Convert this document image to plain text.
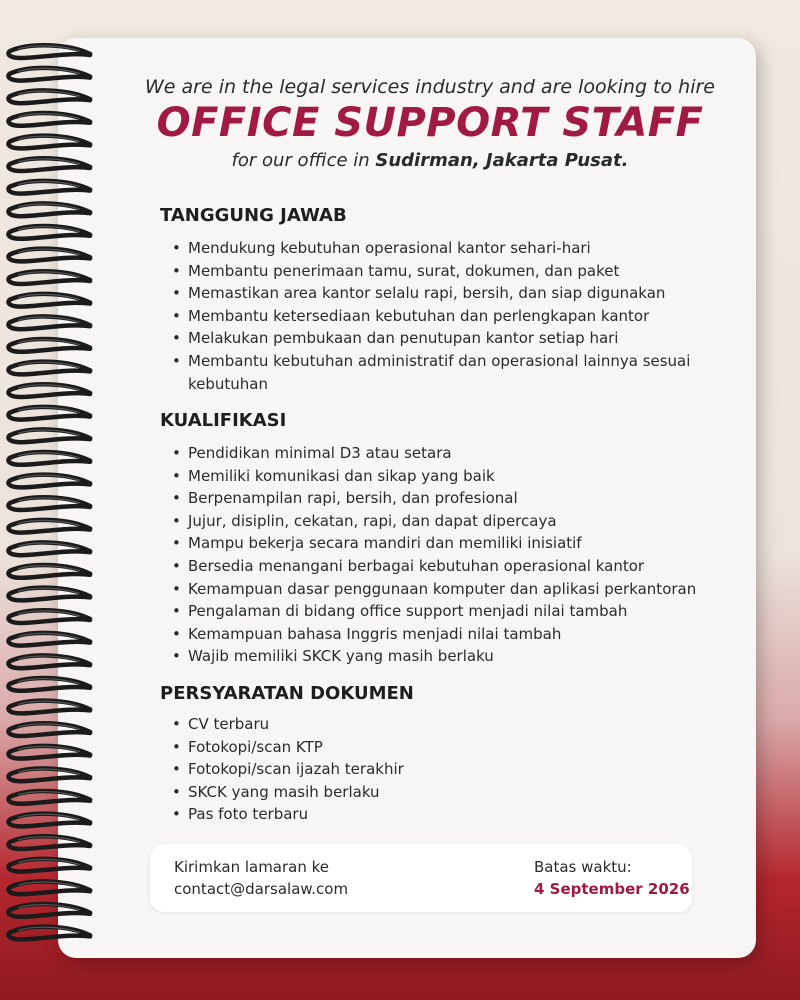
We are in the legal services industry and are looking to hire
OFFICE SUPPORT STAFF
for our office in Sudirman, Jakarta Pusat.
TANGGUNG JAWAB
• Mendukung kebutuhan operasional kantor sehari-hari
• Membantu penerimaan tamu, surat, dokumen, dan paket
• Memastikan area kantor selalu rapi, bersih, dan siap digunakan
• Membantu ketersediaan kebutuhan dan perlengkapan kantor
• Melakukan pembukaan dan penutupan kantor setiap hari
• Membantu kebutuhan administratif dan operasional lainnya sesuai kebutuhan
KUALIFIKASI
• Pendidikan minimal D3 atau setara
• Memiliki komunikasi dan sikap yang baik
• Berpenampilan rapi, bersih, dan profesional
• Jujur, disiplin, cekatan, rapi, dan dapat dipercaya
• Mampu bekerja secara mandiri dan memiliki inisiatif
• Bersedia menangani berbagai kebutuhan operasional kantor
• Kemampuan dasar penggunaan komputer dan aplikasi perkantoran
• Pengalaman di bidang office support menjadi nilai tambah
• Kemampuan bahasa Inggris menjadi nilai tambah
• Wajib memiliki SKCK yang masih berlaku
PERSYARATAN DOKUMEN
• CV terbaru
• Fotokopi/scan KTP
• Fotokopi/scan ijazah terakhir
• SKCK yang masih berlaku
• Pas foto terbaru
Kirimkan lamaran ke
contact@darsalaw.com
Batas waktu:
4 September 2026
